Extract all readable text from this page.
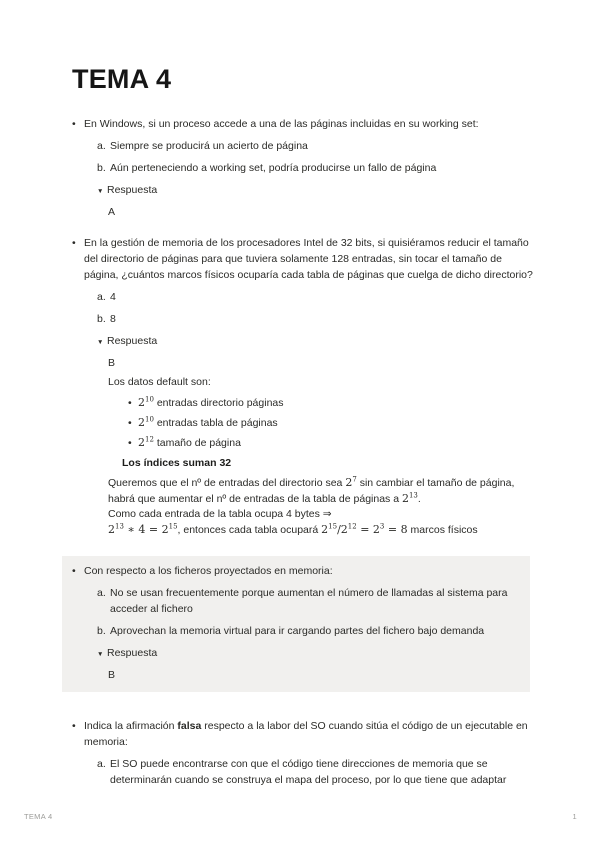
TEMA 4
• En Windows, si un proceso accede a una de las páginas incluidas en su working set:
a. Siempre se producirá un acierto de página
b. Aún perteneciendo a working set, podría producirse un fallo de página
▼ Respuesta
A
• En la gestión de memoria de los procesadores Intel de 32 bits, si quisiéramos reducir el tamaño del directorio de páginas para que tuviera solamente 128 entradas, sin tocar el tamaño de página, ¿cuántos marcos físicos ocuparía cada tabla de páginas que cuelga de dicho directorio?
a. 4
b. 8
▼ Respuesta
B
Los datos default son:
• $2^{10}$ entradas directorio páginas
• $2^{10}$ entradas tabla de páginas
• $2^{12}$ tamaño de página
Los índices suman 32
Queremos que el nº de entradas del directorio sea $2^7$ sin cambiar el tamaño de página,
habrá que aumentar el nº de entradas de la tabla de páginas a $2^{13}$.
Como cada entrada de la tabla ocupa 4 bytes ⇒
$2^{13}$ ∗ $4 = 2^{15}$, entonces cada tabla ocupará $2^{15}/2^{12} = 2^3 = 8$ marcos físicos
• Con respecto a los ficheros proyectados en memoria:
a. No se usan frecuentemente porque aumentan el número de llamadas al sistema para acceder al fichero
b. Aprovechan la memoria virtual para ir cargando partes del fichero bajo demanda
▼ Respuesta
B
• Indica la afirmación falsa respecto a la labor del SO cuando sitúa el código de un ejecutable en memoria:
a. El SO puede encontrarse con que el código tiene direcciones de memoria que se determinarán cuando se construya el mapa del proceso, por lo que tiene que adaptar
TEMA 4	1
